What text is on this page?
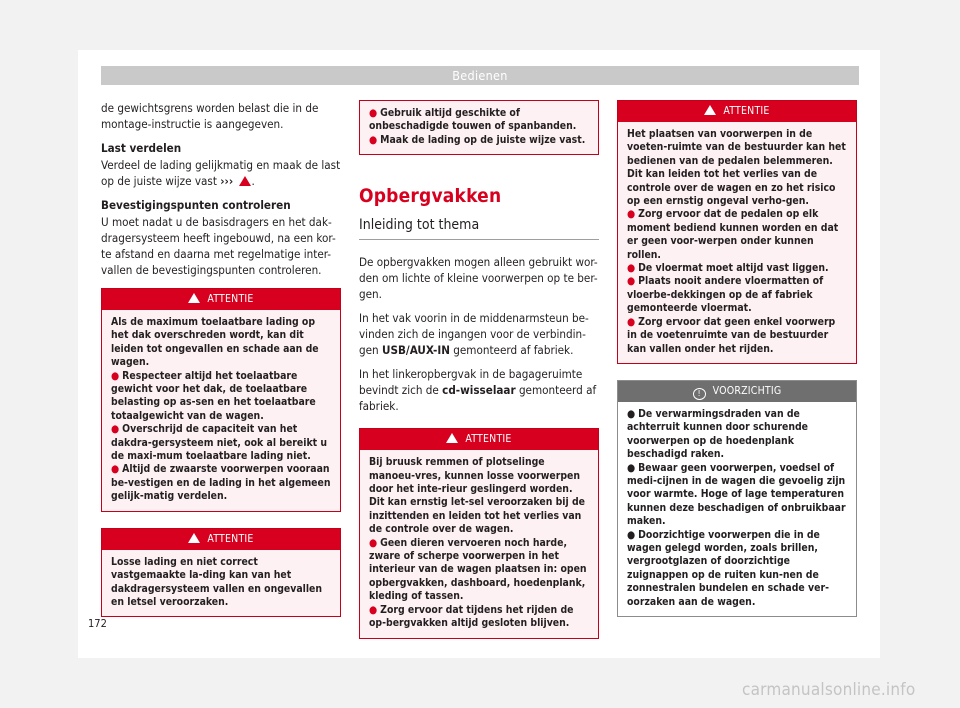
Bedienen

de gewichtsgrens worden belast die in de montage-instructie is aangegeven.

Last verdelen

Verdeel de lading gelijkmatig en maak de last op de juiste wijze vast ››› .

Bevestigingspunten controleren

U moet nadat u de basisdragers en het dak-dragersysteem heeft ingebouwd, na een kor-te afstand en daarna met regelmatige inter-vallen de bevestigingspunten controleren.

ATTENTIE
Als de maximum toelaatbare lading op het dak overschreden wordt, kan dit leiden tot ongevallen en schade aan de wagen.
● Respecteer altijd het toelaatbare gewicht voor het dak, de toelaatbare belasting op as-sen en het toelaatbare totaalgewicht van de wagen.
● Overschrijd de capaciteit van het dakdra-gersysteem niet, ook al bereikt u de maxi-mum toelaatbare lading niet.
● Altijd de zwaarste voorwerpen vooraan be-vestigen en de lading in het algemeen gelijk-matig verdelen.
ATTENTIE
Losse lading en niet correct vastgemaakte la-ding kan van het dakdragersysteem vallen en ongevallen en letsel veroorzaken.
● Gebruik altijd geschikte of onbeschadigde touwen of spanbanden.
● Maak de lading op de juiste wijze vast.
Opbergvakken
Inleiding tot thema

De opbergvakken mogen alleen gebruikt wor-den om lichte of kleine voorwerpen op te ber-gen.

In het vak voorin in de middenarmsteun be-vinden zich de ingangen voor de verbindin-gen USB/AUX-IN gemonteerd af fabriek.

In het linkeropbergvak in de bagageruimte bevindt zich de cd-wisselaar gemonteerd af fabriek.

ATTENTIE
Bij bruusk remmen of plotselinge manoeu-vres, kunnen losse voorwerpen door het inte-rieur geslingerd worden. Dit kan ernstig let-sel veroorzaken bij de inzittenden en leiden tot het verlies van de controle over de wagen.
● Geen dieren vervoeren noch harde, zware of scherpe voorwerpen in het interieur van de wagen plaatsen in: open opbergvakken, dashboard, hoedenplank, kleding of tassen.
● Zorg ervoor dat tijdens het rijden de op-bergvakken altijd gesloten blijven.
ATTENTIE
Het plaatsen van voorwerpen in de voeten-ruimte van de bestuurder kan het bedienen van de pedalen belemmeren. Dit kan leiden tot het verlies van de controle over de wagen en zo het risico op een ernstig ongeval verho-gen.
● Zorg ervoor dat de pedalen op elk moment bediend kunnen worden en dat er geen voor-werpen onder kunnen rollen.
● De vloermat moet altijd vast liggen.
● Plaats nooit andere vloermatten of vloerbe-dekkingen op de af fabriek gemonteerde vloermat.
● Zorg ervoor dat geen enkel voorwerp in de voetenruimte van de bestuurder kan vallen onder het rijden.
! VOORZICHTIG
● De verwarmingsdraden van de achterruit kunnen door schurende voorwerpen op de hoedenplank beschadigd raken.
● Bewaar geen voorwerpen, voedsel of medi-cijnen in de wagen die gevoelig zijn voor warmte. Hoge of lage temperaturen kunnen deze beschadigen of onbruikbaar maken.
● Doorzichtige voorwerpen die in de wagen gelegd worden, zoals brillen, vergrootglazen of doorzichtige zuignappen op de ruiten kun-nen de zonnestralen bundelen en schade ver-oorzaken aan de wagen.
172
carmanualsonline.info
